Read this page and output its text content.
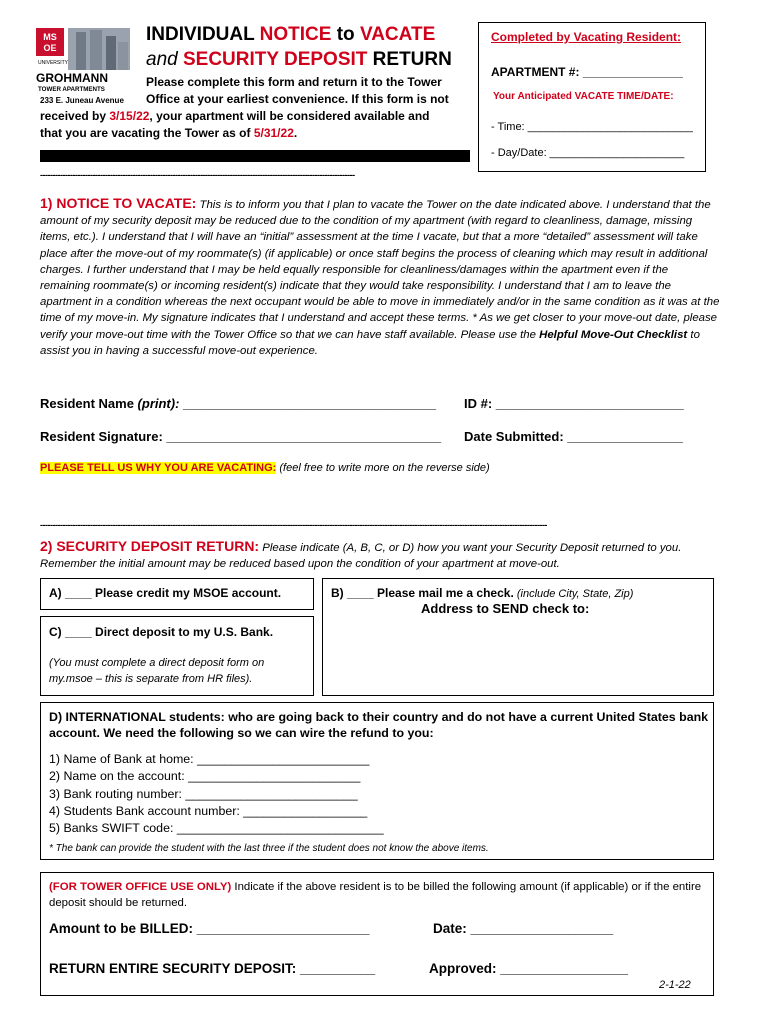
MS
OE
UNIVERSITY
GROHMANN
TOWER APARTMENTS
233 E. Juneau Avenue
INDIVIDUAL NOTICE to VACATE
and SECURITY DEPOSIT RETURN
Please complete this form and return it to the Tower
Office at your earliest convenience. If this form is not
received by 3/15/22, your apartment will be considered available and
that you are vacating the Tower as of 5/31/22.
Completed by Vacating Resident:
APARTMENT #: _______________
Your Anticipated VACATE TIME/DATE:
- Time: ___________________________
- Day/Date: ______________________
------------------------------------------------------------------------------------------------------------------------------
1) NOTICE TO VACATE: This is to inform you that I plan to vacate the Tower on the date indicated above. I understand that the amount of my security deposit may be reduced due to the condition of my apartment (with regard to cleanliness, damage, missing items, etc.). I understand that I will have an “initial” assessment at the time I vacate, but that a more “detailed” assessment will take place after the move-out of my roommate(s) (if applicable) or once staff begins the process of cleaning which may result in additional charges. I further understand that I may be held equally responsible for cleanliness/damages within the apartment even if the remaining roommate(s) or incoming resident(s) indicate that they would take responsibility. I understand that I am to leave the apartment in a condition whereas the next occupant would be able to move in immediately and/or in the same condition as it was at the time of my move-in. My signature indicates that I understand and accept these terms. * As we get closer to your move-out date, please verify your move-out time with the Tower Office so that we can have staff available. Please use the Helpful Move-Out Checklist to assist you in having a successful move-out experience.
Resident Name (print): ___________________________________ ID #: __________________________
Resident Signature: ______________________________________ Date Submitted: ________________
PLEASE TELL US WHY YOU ARE VACATING: (feel free to write more on the reverse side)
-----------------------------------------------------------------------------------------------------------------------------------------------------------------------------------------------------------
2) SECURITY DEPOSIT RETURN: Please indicate (A, B, C, or D) how you want your Security Deposit returned to you. Remember the initial amount may be reduced based upon the condition of your apartment at move-out.
A) ____ Please credit my MSOE account.	B) ____ Please mail me a check. (include City, State, Zip)
Address to SEND check to:
C) ____ Direct deposit to my U.S. Bank.
(You must complete a direct deposit form on my.msoe – this is separate from HR files).
D) INTERNATIONAL students: who are going back to their country and do not have a current United States bank account. We need the following so we can wire the refund to you:
1) Name of Bank at home: _________________________
2) Name on the account: _________________________
3) Bank routing number: _________________________
4) Students Bank account number: __________________
5) Banks SWIFT code: ______________________________
* The bank can provide the student with the last three if the student does not know the above items.
(FOR TOWER OFFICE USE ONLY) Indicate if the above resident is to be billed the following amount (if applicable) or if the entire deposit should be returned.
Amount to be BILLED: _______________________	Date: ___________________
RETURN ENTIRE SECURITY DEPOSIT: __________	Approved: _________________
2-1-22
